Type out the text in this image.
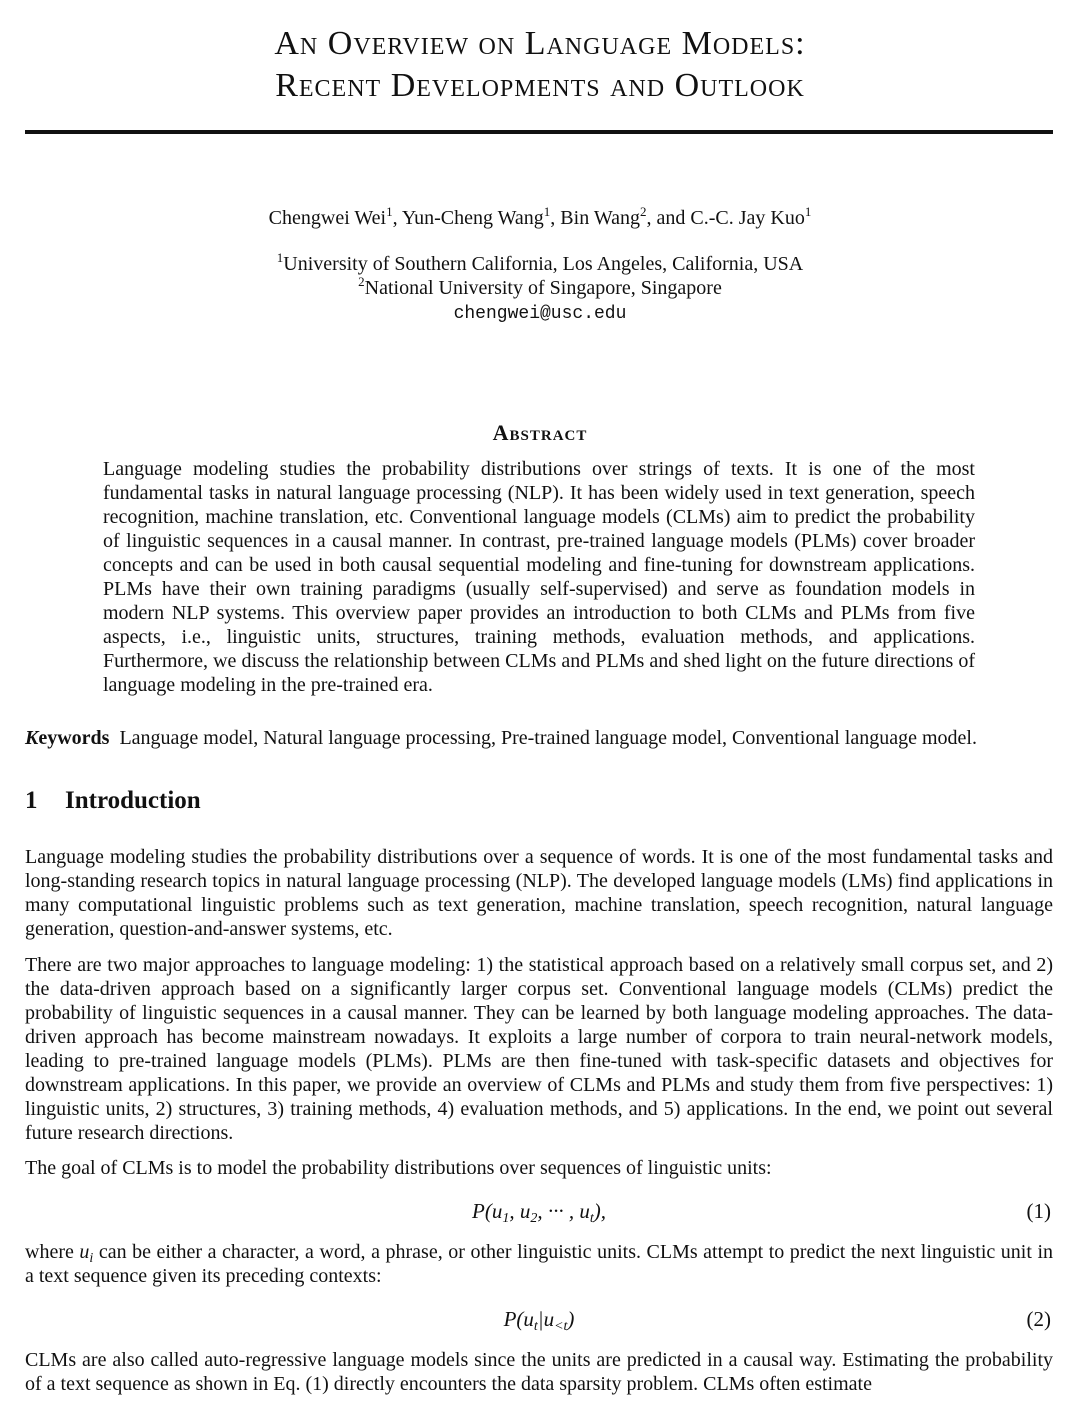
An Overview on Language Models:
Recent Developments and Outlook
Chengwei Wei$^1$, Yun-Cheng Wang$^1$, Bin Wang$^2$, and C.-C. Jay Kuo$^1$
$^1$University of Southern California, Los Angeles, California, USA
$^2$National University of Singapore, Singapore
chengwei@usc.edu
Abstract
Language modeling studies the probability distributions over strings of texts. It is one of the most fundamental tasks in natural language processing (NLP). It has been widely used in text generation, speech recognition, machine translation, etc. Conventional language models (CLMs) aim to predict the probability of linguistic sequences in a causal manner. In contrast, pre-trained language models (PLMs) cover broader concepts and can be used in both causal sequential modeling and fine-tuning for downstream applications. PLMs have their own training paradigms (usually self-supervised) and serve as foundation models in modern NLP systems. This overview paper provides an introduction to both CLMs and PLMs from five aspects, i.e., linguistic units, structures, training methods, evaluation methods, and applications. Furthermore, we discuss the relationship between CLMs and PLMs and shed light on the future directions of language modeling in the pre-trained era.
Keywords Language model, Natural language processing, Pre-trained language model, Conventional language model.
1 Introduction
Language modeling studies the probability distributions over a sequence of words. It is one of the most fundamental tasks and long-standing research topics in natural language processing (NLP). The developed language models (LMs) find applications in many computational linguistic problems such as text generation, machine translation, speech recognition, natural language generation, question-and-answer systems, etc.
There are two major approaches to language modeling: 1) the statistical approach based on a relatively small corpus set, and 2) the data-driven approach based on a significantly larger corpus set. Conventional language models (CLMs) predict the probability of linguistic sequences in a causal manner. They can be learned by both language modeling approaches. The data-driven approach has become mainstream nowadays. It exploits a large number of corpora to train neural-network models, leading to pre-trained language models (PLMs). PLMs are then fine-tuned with task-specific datasets and objectives for downstream applications. In this paper, we provide an overview of CLMs and PLMs and study them from five perspectives: 1) linguistic units, 2) structures, 3) training methods, 4) evaluation methods, and 5) applications. In the end, we point out several future research directions.
The goal of CLMs is to model the probability distributions over sequences of linguistic units:
$P(u_1$, $u_2$, ··· , $u_t$),	(1)
where $u_i$ can be either a character, a word, a phrase, or other linguistic units. CLMs attempt to predict the next linguistic unit in a text sequence given its preceding contexts:
$P(u_t|u_{<t})$	(2)
CLMs are also called auto-regressive language models since the units are predicted in a causal way. Estimating the probability of a text sequence as shown in Eq. (1) directly encounters the data sparsity problem. CLMs often estimate
